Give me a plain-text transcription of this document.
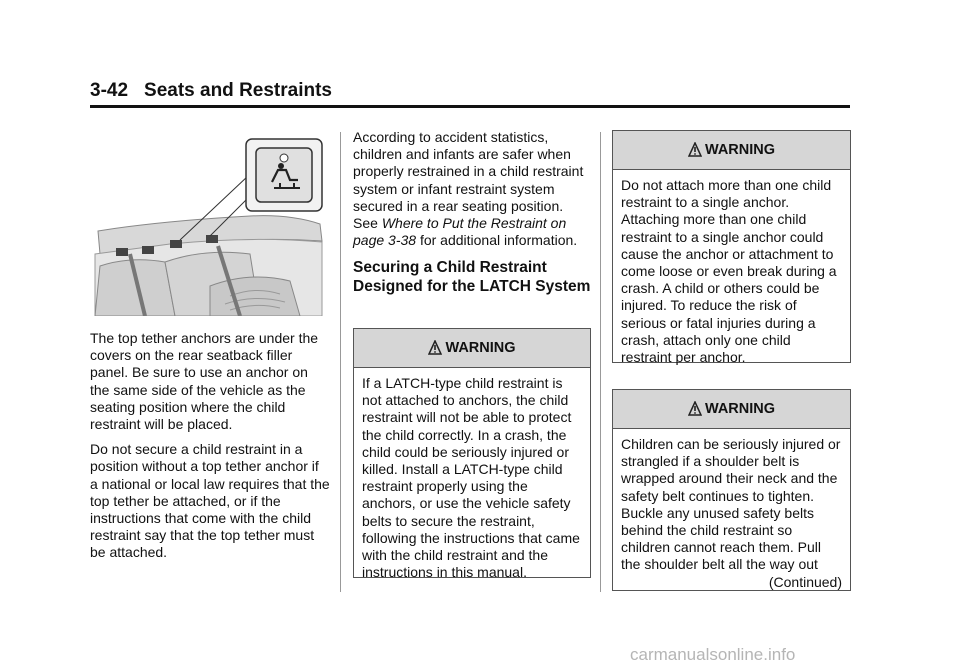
3-42 Seats and Restraints

The top tether anchors are under the covers on the rear seatback filler panel. Be sure to use an anchor on the same side of the vehicle as the seating position where the child restraint will be placed.

Do not secure a child restraint in a position without a top tether anchor if a national or local law requires that the top tether be attached, or if the instructions that come with the child restraint say that the top tether must be attached.

According to accident statistics, children and infants are safer when properly restrained in a child restraint system or infant restraint system secured in a rear seating position. See Where to Put the Restraint on page 3-38 for additional information.

Securing a Child Restraint Designed for the LATCH System
WARNING
If a LATCH-type child restraint is not attached to anchors, the child restraint will not be able to protect the child correctly. In a crash, the child could be seriously injured or killed. Install a LATCH-type child restraint properly using the anchors, or use the vehicle safety belts to secure the restraint, following the instructions that came with the child restraint and the instructions in this manual.
WARNING
Do not attach more than one child restraint to a single anchor. Attaching more than one child restraint to a single anchor could cause the anchor or attachment to come loose or even break during a crash. A child or others could be injured. To reduce the risk of serious or fatal injuries during a crash, attach only one child restraint per anchor.
WARNING
Children can be seriously injured or strangled if a shoulder belt is wrapped around their neck and the safety belt continues to tighten. Buckle any unused safety belts behind the child restraint so children cannot reach them. Pull the shoulder belt all the way out
(Continued)
carmanualsonline.info
